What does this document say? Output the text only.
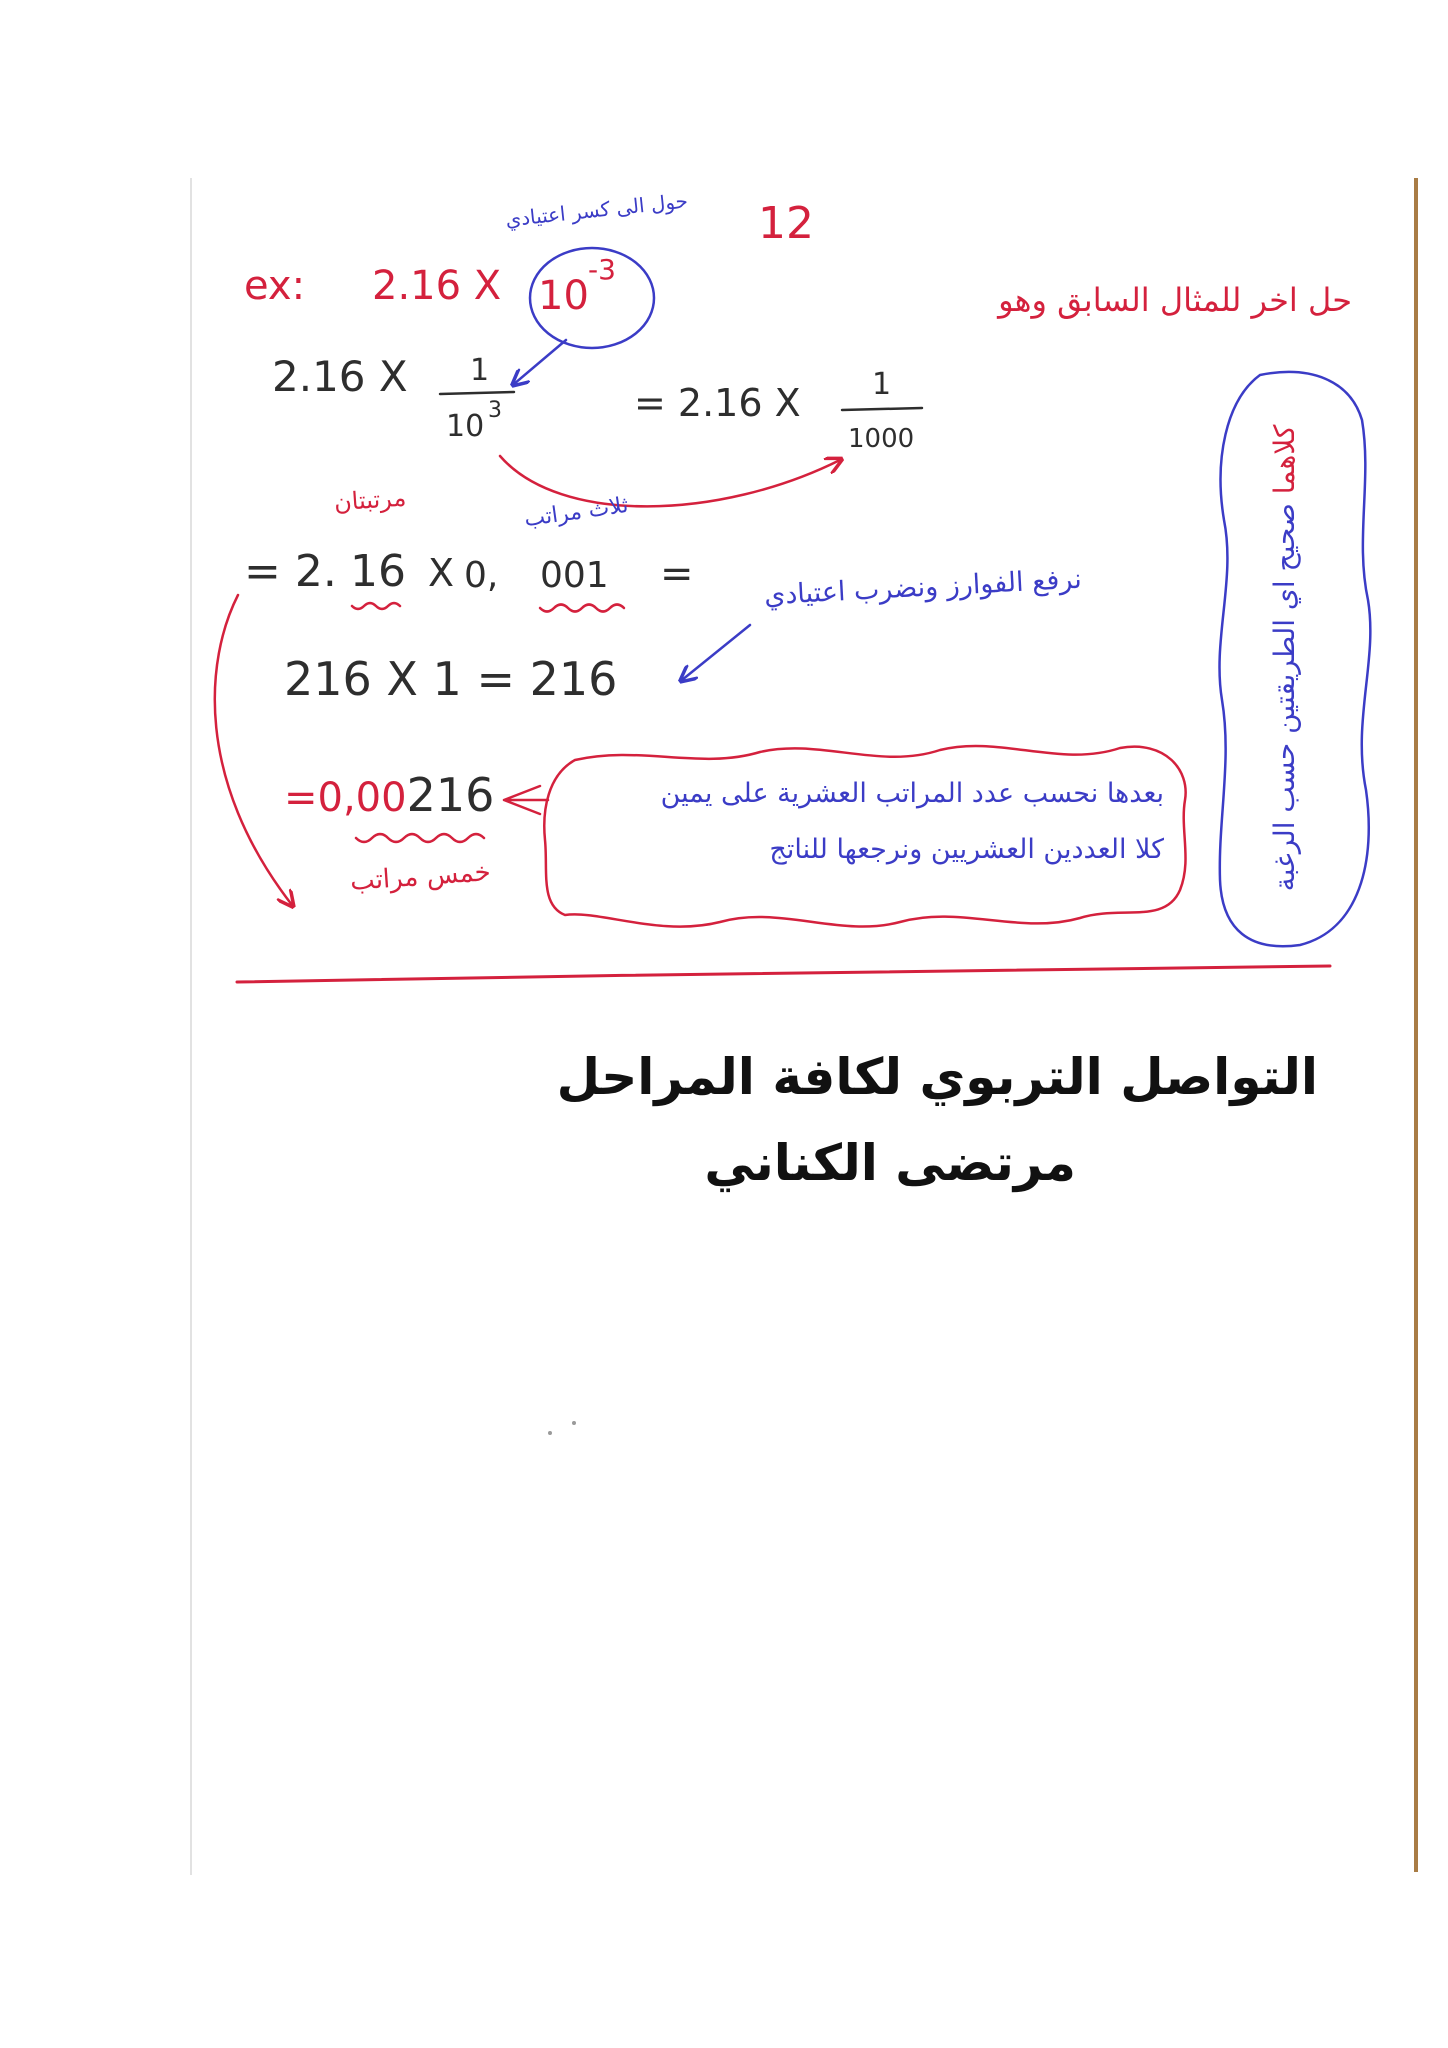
12
حول الى كسر اعتيادي
ex: 2.16 X 10
-3
حل اخر للمثال السابق وهو
2.16 X 1
10 3	= 2.16 X 1
1000
مرتبتان	ثلاث مراتب
= 2. 16 X 0, 001 =	نرفع الفوارز ونضرب اعتيادي
216 X 1 = 216
=0,00 216
خمس مراتب
بعدها نحسب عدد المراتب العشرية على يمين
كلا العددين العشريين ونرجعها للناتج
كلاهما صحيح اي الطريقتين حسب الرغبة
التواصل التربوي لكافة المراحل
مرتضى الكناني
